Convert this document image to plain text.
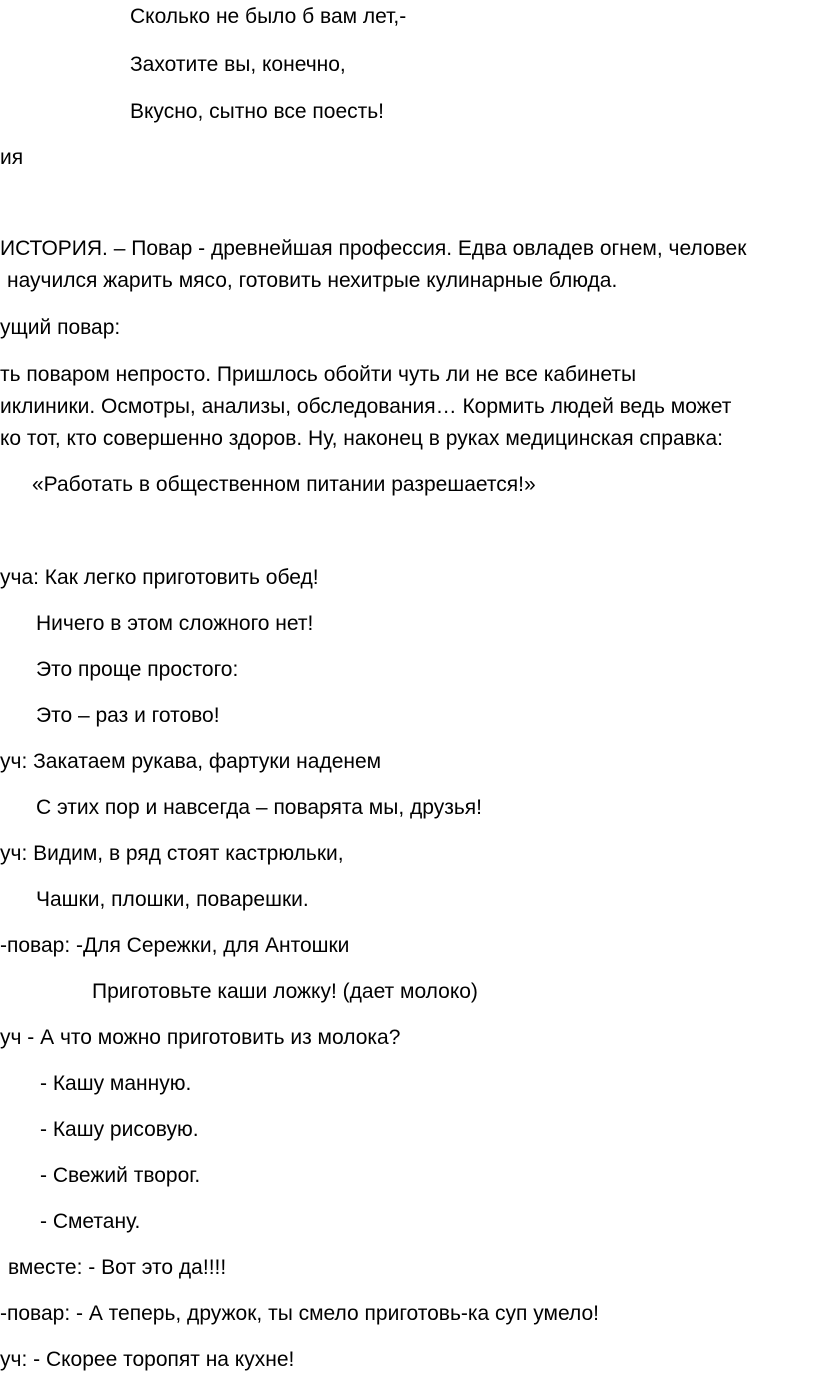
Сколько не было б вам лет,-
Захотите вы, конечно,
Вкусно, сытно все поесть!
ия
ИСТОРИЯ. – Повар - древнейшая профессия. Едва овладев огнем, человек
научился жарить мясо, готовить нехитрые кулинарные блюда.
ущий повар:
ть поваром непросто. Пришлось обойти чуть ли не все кабинеты
иклиники. Осмотры, анализы, обследования… Кормить людей ведь может
ко тот, кто совершенно здоров. Ну, наконец в руках медицинская справка:
«Работать в общественном питании разрешается!»
уча: Как легко приготовить обед!
Ничего в этом сложного нет!
Это проще простого:
Это – раз и готово!
уч: Закатаем рукава, фартуки наденем
С этих пор и навсегда – поварята мы, друзья!
уч: Видим, в ряд стоят кастрюльки,
Чашки, плошки, поварешки.
-повар: -Для Сережки, для Антошки
Приготовьте каши ложку! (дает молоко)
уч - А что можно приготовить из молока?
- Кашу манную.
- Кашу рисовую.
- Свежий творог.
- Сметану.
вместе: - Вот это да!!!!
-повар: - А теперь, дружок, ты смело приготовь-ка суп умело!
уч: - Скорее торопят на кухне!
